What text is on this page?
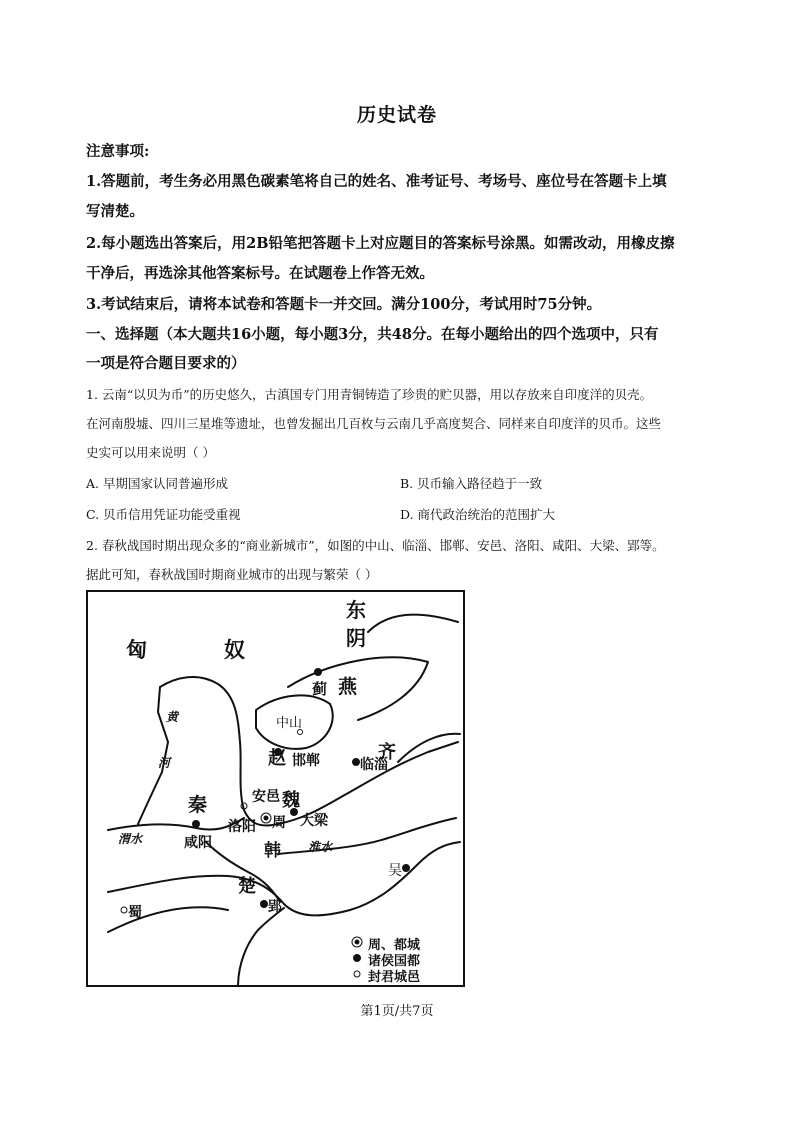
历史试卷
注意事项:
1.答题前，考生务必用黑色碳素笔将自己的姓名、准考证号、考场号、座位号在答题卡上填
写清楚。
2.每小题选出答案后，用2B铅笔把答题卡上对应题目的答案标号涂黑。如需改动，用橡皮擦
干净后，再选涂其他答案标号。在试题卷上作答无效。
3.考试结束后，请将本试卷和答题卡一并交回。满分100分，考试用时75分钟。
一、选择题（本大题共16小题，每小题3分，共48分。在每小题给出的四个选项中，只有
一项是符合题目要求的）
1. 云南“以贝为币”的历史悠久，古滇国专门用青铜铸造了珍贵的贮贝器，用以存放来自印度洋的贝壳。
在河南殷墟、四川三星堆等遗址，也曾发掘出几百枚与云南几乎高度契合、同样来自印度洋的贝币。这些
史实可以用来说明（ ）
A. 早期国家认同普遍形成	B. 贝币输入路径趋于一致
C. 贝币信用凭证功能受重视	D. 商代政治统治的范围扩大
2. 春秋战国时期出现众多的“商业新城市”，如图的中山、临淄、邯郸、安邑、洛阳、咸阳、大梁、郢等。
据此可知，春秋战国时期商业城市的出现与繁荣（ ）
东
阴
匈	奴
燕
蓟
中山
黄
河	赵 邯郸	齐
临淄
秦	安邑 魏
洛阳 周 大梁
渭水	咸阳	韩 淮水
吴
楚
蜀	郢
周、都城
诸侯国都
封君城邑
第1页/共7页
